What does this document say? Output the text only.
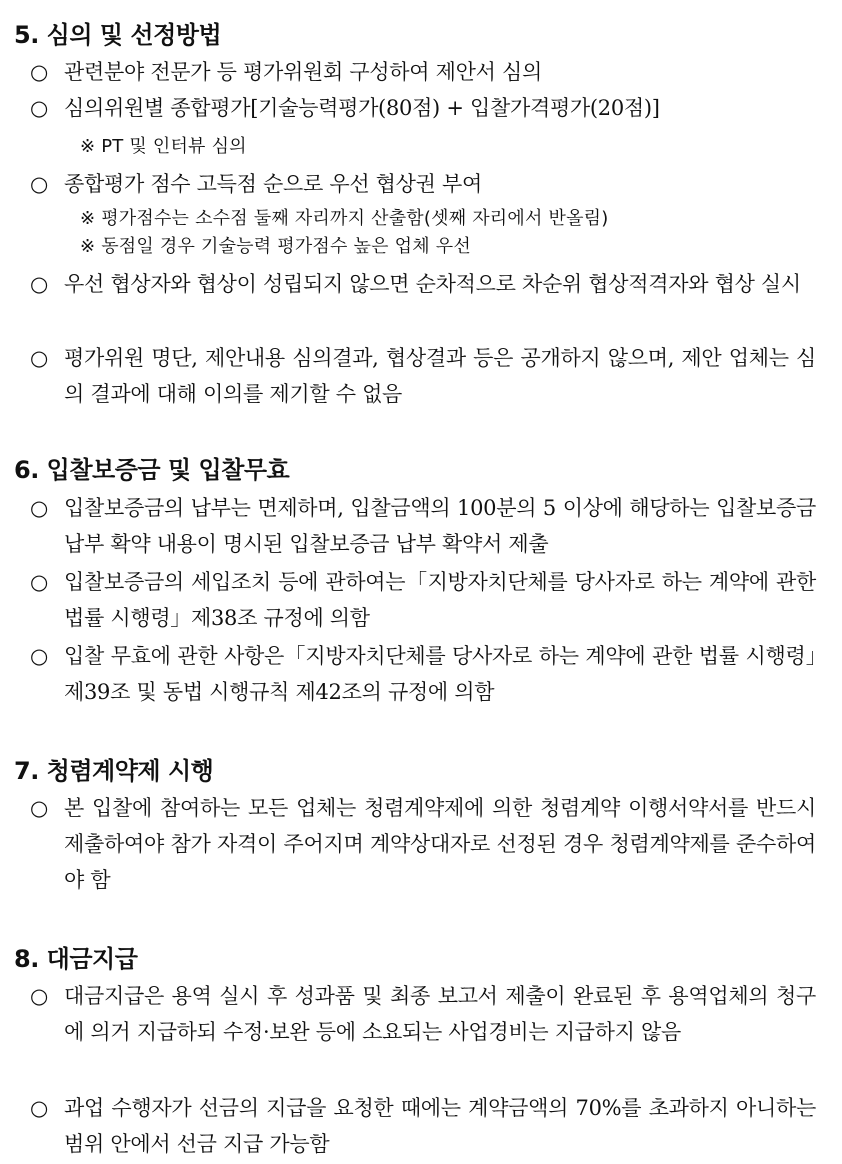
5. 심의 및 선정방법
○ 관련분야 전문가 등 평가위원회 구성하여 제안서 심의
○ 심의위원별 종합평가[기술능력평가(80점) + 입찰가격평가(20점)]
※ PT 및 인터뷰 심의
○ 종합평가 점수 고득점 순으로 우선 협상권 부여
※ 평가점수는 소수점 둘째 자리까지 산출함(셋째 자리에서 반올림)
※ 동점일 경우 기술능력 평가점수 높은 업체 우선
○ 우선 협상자와 협상이 성립되지 않으면 순차적으로 차순위 협상적격자와 협상 실시
○ 평가위원 명단, 제안내용 심의결과, 협상결과 등은 공개하지 않으며, 제안 업체는 심의 결과에 대해 이의를 제기할 수 없음
6. 입찰보증금 및 입찰무효
○ 입찰보증금의 납부는 면제하며, 입찰금액의 100분의 5 이상에 해당하는 입찰보증금 납부 확약 내용이 명시된 입찰보증금 납부 확약서 제출
○ 입찰보증금의 세입조치 등에 관하여는「지방자치단체를 당사자로 하는 계약에 관한 법률 시행령」제38조 규정에 의함
○ 입찰 무효에 관한 사항은「지방자치단체를 당사자로 하는 계약에 관한 법률 시행령」제39조 및 동법 시행규칙 제42조의 규정에 의함
7. 청렴계약제 시행
○ 본 입찰에 참여하는 모든 업체는 청렴계약제에 의한 청렴계약 이행서약서를 반드시 제출하여야 참가 자격이 주어지며 계약상대자로 선정된 경우 청렴계약제를 준수하여야 함
8. 대금지급
○ 대금지급은 용역 실시 후 성과품 및 최종 보고서 제출이 완료된 후 용역업체의 청구에 의거 지급하되 수정·보완 등에 소요되는 사업경비는 지급하지 않음
○ 과업 수행자가 선금의 지급을 요청한 때에는 계약금액의 70%를 초과하지 아니하는 범위 안에서 선금 지급 가능함
